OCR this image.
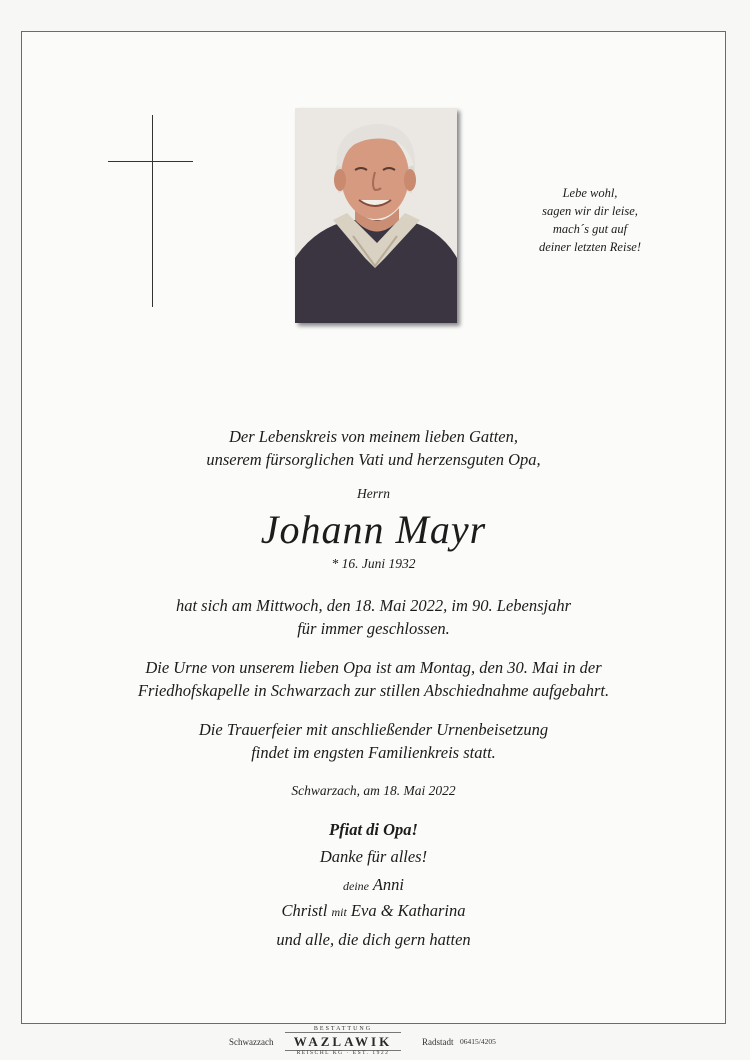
Lebe wohl,
sagen wir dir leise,
mach´s gut auf
deiner letzten Reise!
Der Lebenskreis von meinem lieben Gatten,
unserem fürsorglichen Vati und herzensguten Opa,
Herrn
Johann Mayr
* 16. Juni 1932
hat sich am Mittwoch, den 18. Mai 2022, im 90. Lebensjahr
für immer geschlossen.
Die Urne von unserem lieben Opa ist am Montag, den 30. Mai in der
Friedhofskapelle in Schwarzach zur stillen Abschiednahme aufgebahrt.
Die Trauerfeier mit anschließender Urnenbeisetzung
findet im engsten Familienkreis statt.
Schwarzach, am 18. Mai 2022
Pfiat di Opa!
Danke für alles!
deine Anni
Christl mit Eva & Katharina
und alle, die dich gern hatten
Schwazzach
BESTATTUNG
WAZLAWIK
REISCHL KG · EST. 1922
Radstadt 06415/4205
